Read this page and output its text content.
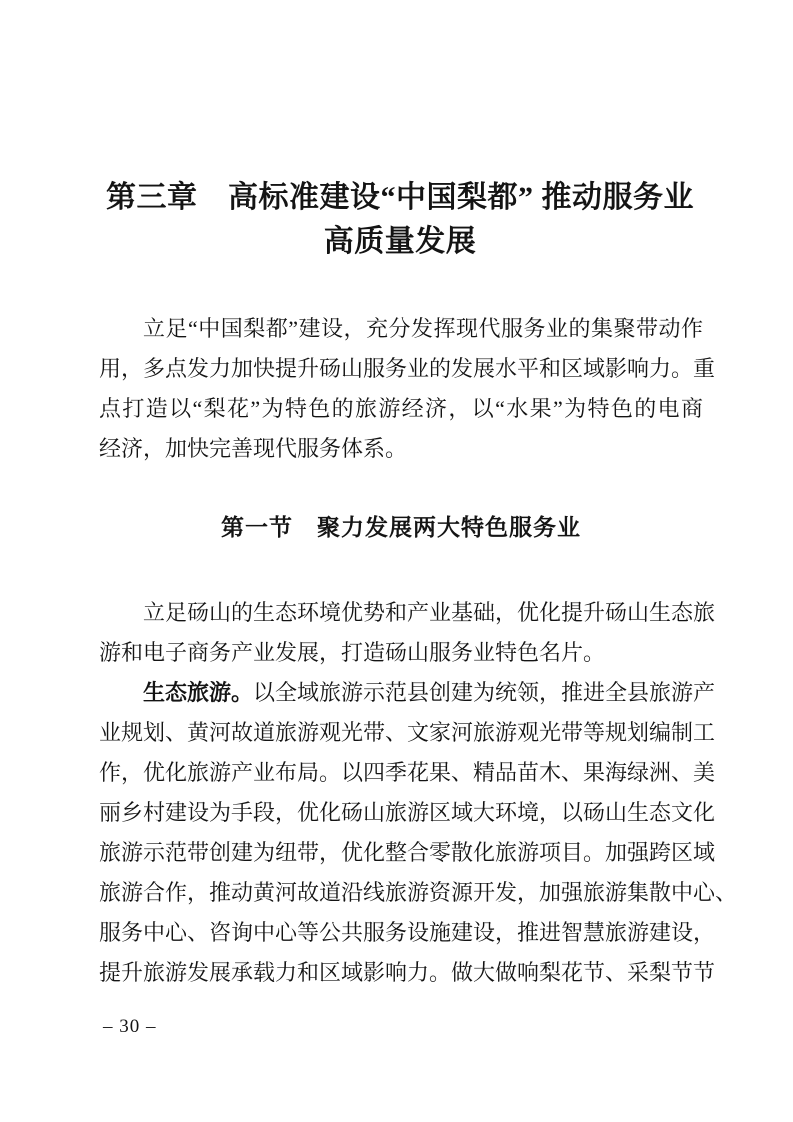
第三章　高标准建设“中国梨都” 推动服务业
高质量发展
立足“中国梨都”建设，充分发挥现代服务业的集聚带动作
用，多点发力加快提升砀山服务业的发展水平和区域影响力。重
点打造以“梨花”为特色的旅游经济，以“水果”为特色的电商
经济，加快完善现代服务体系。
第一节　聚力发展两大特色服务业
立足砀山的生态环境优势和产业基础，优化提升砀山生态旅
游和电子商务产业发展，打造砀山服务业特色名片。
生态旅游。以全域旅游示范县创建为统领，推进全县旅游产
业规划、黄河故道旅游观光带、文家河旅游观光带等规划编制工
作，优化旅游产业布局。以四季花果、精品苗木、果海绿洲、美
丽乡村建设为手段，优化砀山旅游区域大环境，以砀山生态文化
旅游示范带创建为纽带，优化整合零散化旅游项目。加强跨区域
旅游合作，推动黄河故道沿线旅游资源开发，加强旅游集散中心、
服务中心、咨询中心等公共服务设施建设，推进智慧旅游建设，
提升旅游发展承载力和区域影响力。做大做响梨花节、采梨节节
– 30 –
